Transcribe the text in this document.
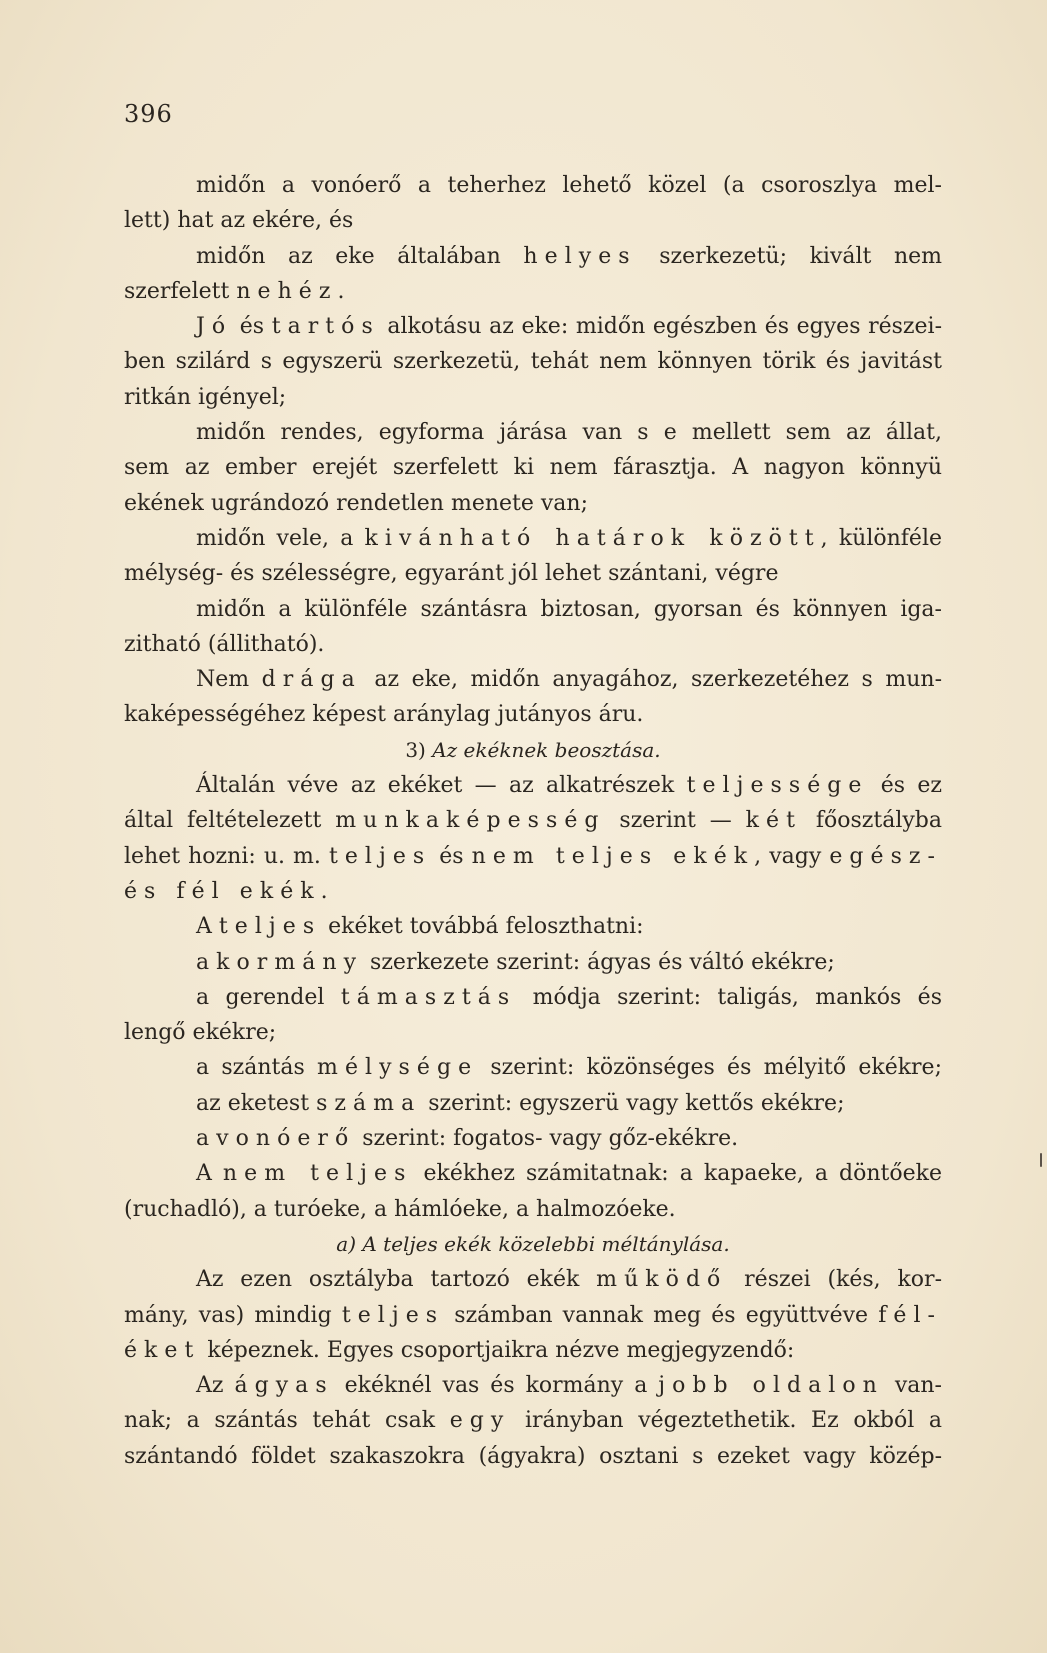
396
midőn a vonóerő a teherhez lehető közel (a csoroszlya mel-
lett) hat az ekére, és
midőn az eke általában helyes szerkezetü; kivált nem
szerfelett nehéz.
Jó és tartós alkotásu az eke: midőn egészben és egyes részei-
ben szilárd s egyszerü szerkezetü, tehát nem könnyen törik és javitást
ritkán igényel;
midőn rendes, egyforma járása van s e mellett sem az állat,
sem az ember erejét szerfelett ki nem fárasztja. A nagyon könnyü
ekének ugrándozó rendetlen menete van;
midőn vele, a kivánható határok között, különféle
mélység- és szélességre, egyaránt jól lehet szántani, végre
midőn a különféle szántásra biztosan, gyorsan és könnyen iga-
zitható (állitható).
Nem drága az eke, midőn anyagához, szerkezetéhez s mun-
kaképességéhez képest aránylag jutányos áru.
3) Az ekéknek beosztása.
Általán véve az ekéket — az alkatrészek teljessége és ez
által feltételezett munkaképesség szerint — két főosztályba
lehet hozni: u. m. teljes és nem teljes ekék, vagy egész-
és fél ekék.
A teljes ekéket továbbá feloszthatni:
a kormány szerkezete szerint: ágyas és váltó ekékre;
a gerendel támasztás módja szerint: taligás, mankós és
lengő ekékre;
a szántás mélysége szerint: közönséges és mélyitő ekékre;
az eketest száma szerint: egyszerü vagy kettős ekékre;
a vonóerő szerint: fogatos- vagy gőz-ekékre.
A nem teljes ekékhez számitatnak: a kapaeke, a döntőeke
(ruchadló), a turóeke, a hámlóeke, a halmozóeke.
a) A teljes ekék közelebbi méltánylása.
Az ezen osztályba tartozó ekék működő részei (kés, kor-
mány, vas) mindig teljes számban vannak meg és együttvéve fél-
éket képeznek. Egyes csoportjaikra nézve megjegyzendő:
Az ágyas ekéknél vas és kormány a jobb oldalon van-
nak; a szántás tehát csak egy irányban végeztethetik. Ez okból a
szántandó földet szakaszokra (ágyakra) osztani s ezeket vagy közép-
